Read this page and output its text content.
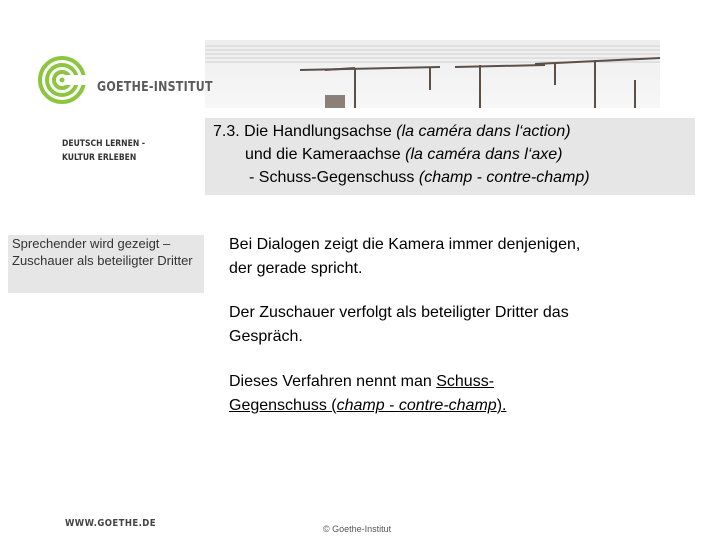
GOETHE-INSTITUT
DEUTSCH LERNEN -
KULTUR ERLEBEN
7.3. Die Handlungsachse (la caméra dans l‘action)
und die Kameraachse (la caméra dans l‘axe)
- Schuss-Gegenschuss (champ - contre-champ)
Sprechender wird gezeigt – Zuschauer als beteiligter Dritter
Bei Dialogen zeigt die Kamera immer denjenigen,
der gerade spricht.
Der Zuschauer verfolgt als beteiligter Dritter das
Gespräch.
Dieses Verfahren nennt man Schuss-
Gegenschuss (champ - contre-champ).
WWW.GOETHE.DE	© Goethe-Institut
